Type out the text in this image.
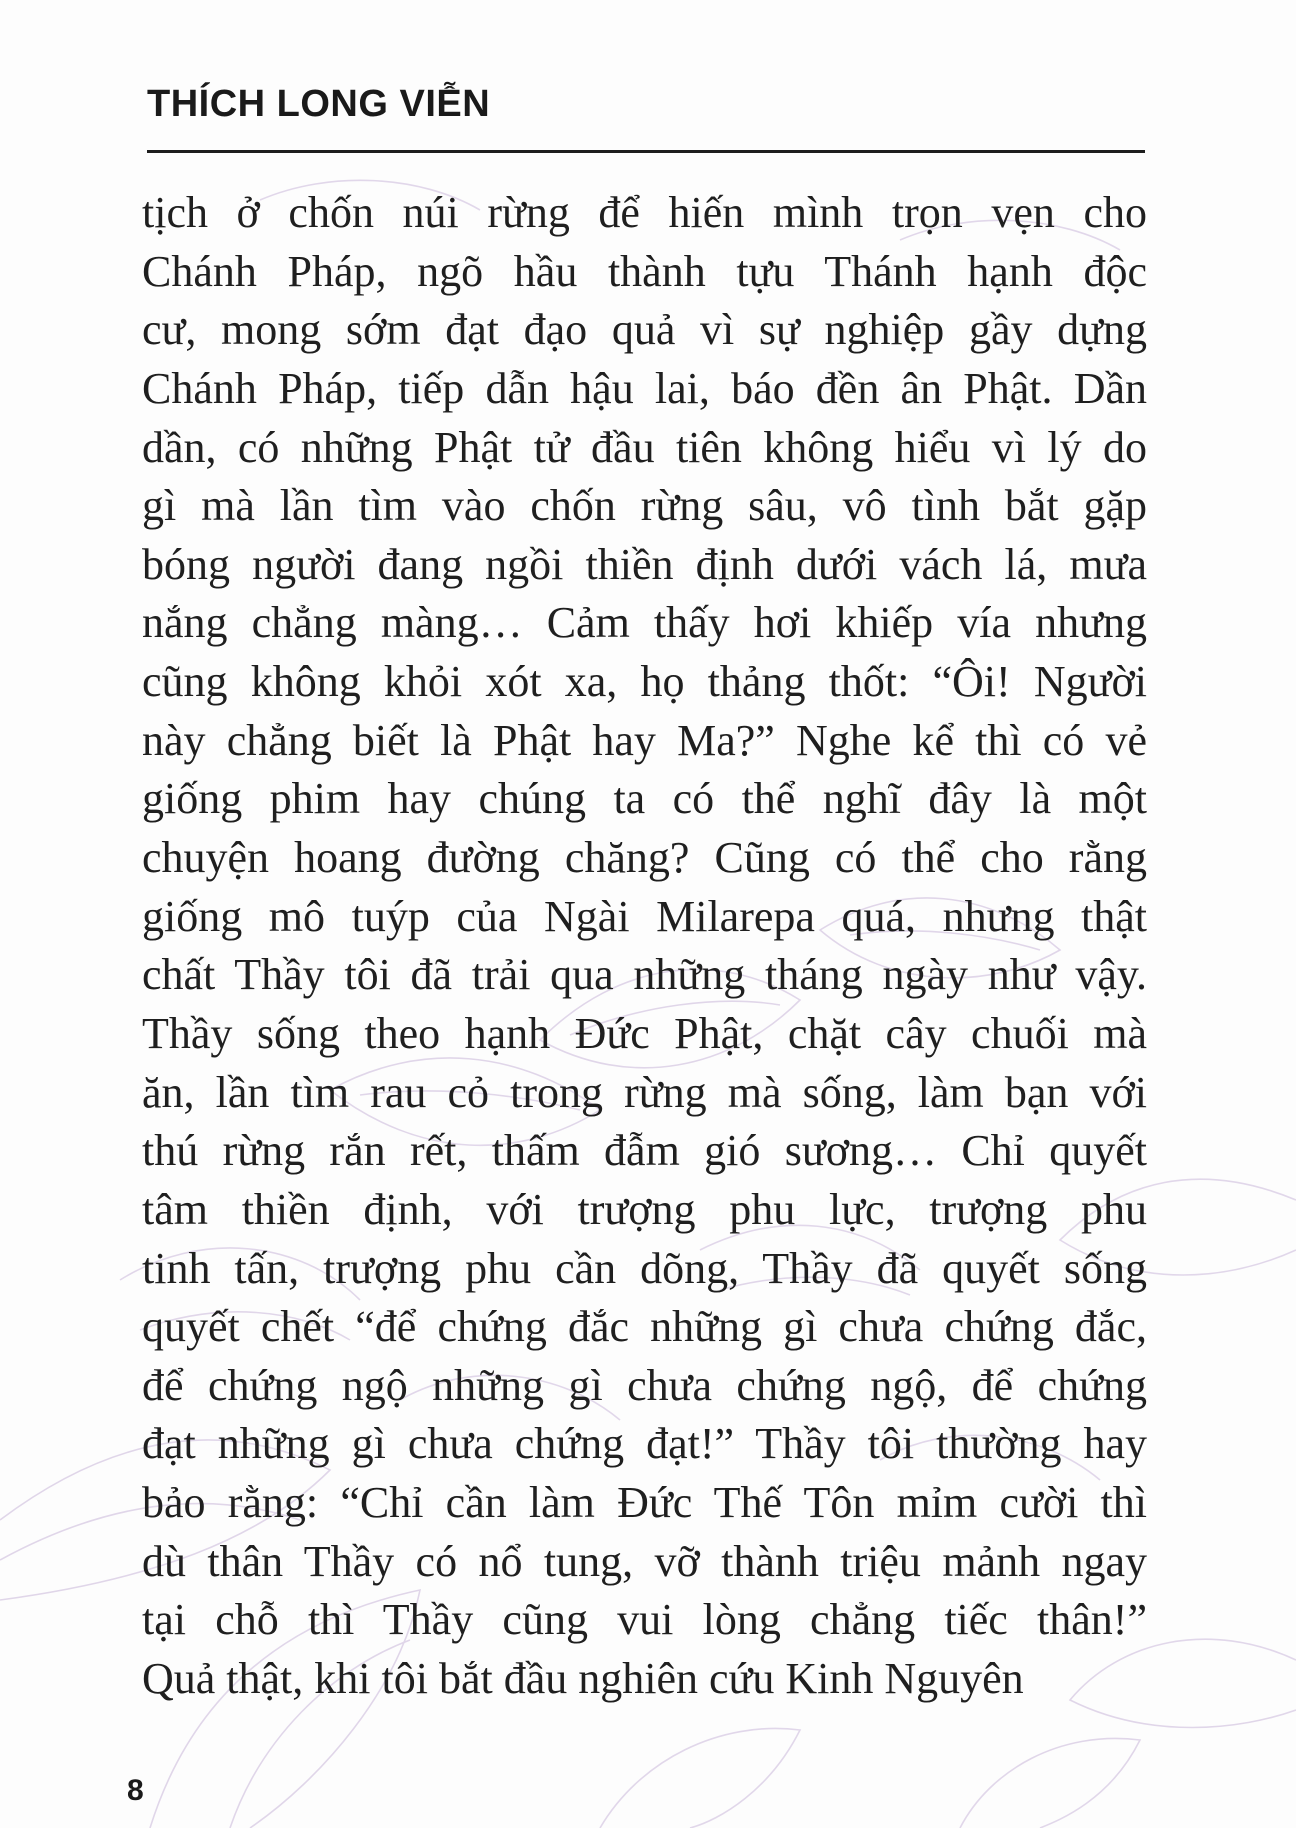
THÍCH LONG VIỄN
tịch ở chốn núi rừng để hiến mình trọn vẹn cho
Chánh Pháp, ngõ hầu thành tựu Thánh hạnh độc
cư, mong sớm đạt đạo quả vì sự nghiệp gầy dựng
Chánh Pháp, tiếp dẫn hậu lai, báo đền ân Phật. Dần
dần, có những Phật tử đầu tiên không hiểu vì lý do
gì mà lần tìm vào chốn rừng sâu, vô tình bắt gặp
bóng người đang ngồi thiền định dưới vách lá, mưa
nắng chẳng màng… Cảm thấy hơi khiếp vía nhưng
cũng không khỏi xót xa, họ thảng thốt: “Ôi! Người
này chẳng biết là Phật hay Ma?” Nghe kể thì có vẻ
giống phim hay chúng ta có thể nghĩ đây là một
chuyện hoang đường chăng? Cũng có thể cho rằng
giống mô tuýp của Ngài Milarepa quá, nhưng thật
chất Thầy tôi đã trải qua những tháng ngày như vậy.
Thầy sống theo hạnh Đức Phật, chặt cây chuối mà
ăn, lần tìm rau cỏ trong rừng mà sống, làm bạn với
thú rừng rắn rết, thấm đẫm gió sương… Chỉ quyết
tâm thiền định, với trượng phu lực, trượng phu
tinh tấn, trượng phu cần dõng, Thầy đã quyết sống
quyết chết “để chứng đắc những gì chưa chứng đắc,
để chứng ngộ những gì chưa chứng ngộ, để chứng
đạt những gì chưa chứng đạt!” Thầy tôi thường hay
bảo rằng: “Chỉ cần làm Đức Thế Tôn mỉm cười thì
dù thân Thầy có nổ tung, vỡ thành triệu mảnh ngay
tại chỗ thì Thầy cũng vui lòng chẳng tiếc thân!”
Quả thật, khi tôi bắt đầu nghiên cứu Kinh Nguyên
8
